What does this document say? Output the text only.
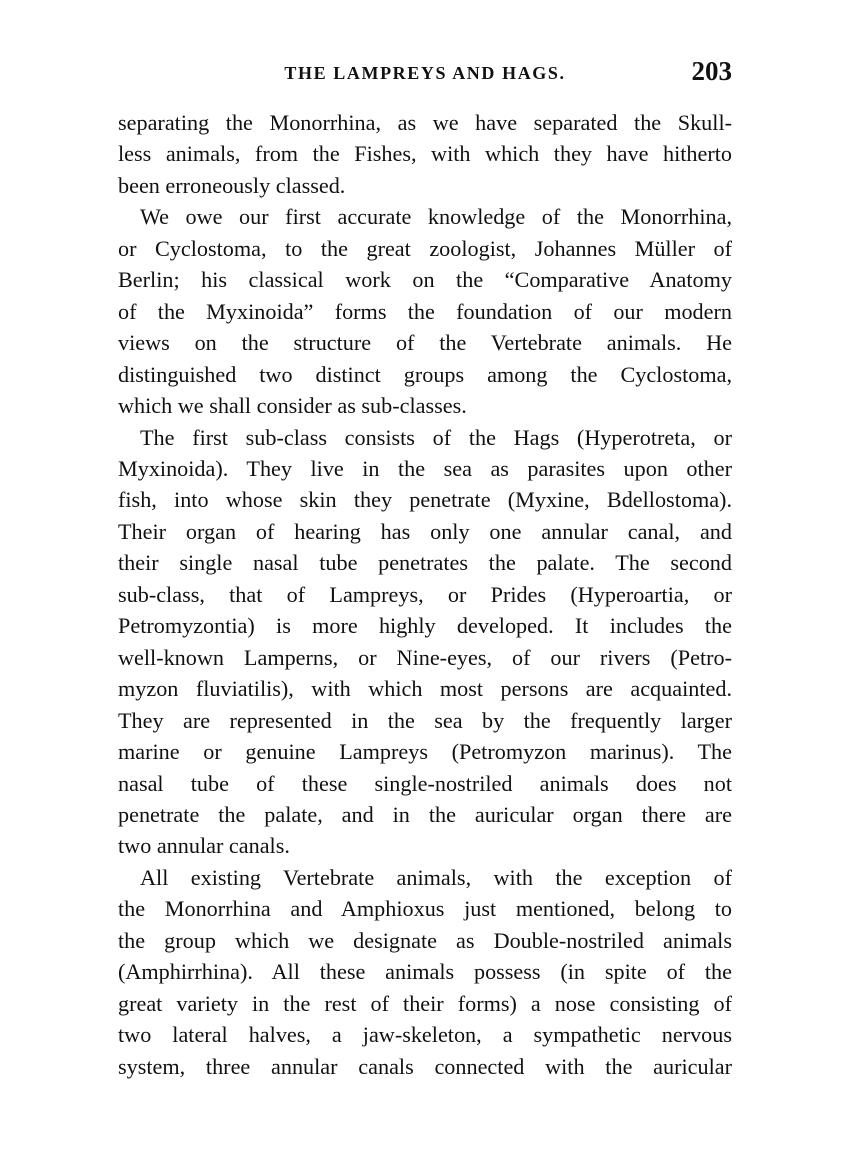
THE LAMPREYS AND HAGS.	203
separating the Monorrhina, as we have separated the Skull-
less animals, from the Fishes, with which they have hitherto
been erroneously classed.
We owe our first accurate knowledge of the Monorrhina,
or Cyclostoma, to the great zoologist, Johannes Müller of
Berlin; his classical work on the “Comparative Anatomy
of the Myxinoida” forms the foundation of our modern
views on the structure of the Vertebrate animals. He
distinguished two distinct groups among the Cyclostoma,
which we shall consider as sub-classes.
The first sub-class consists of the Hags (Hyperotreta, or
Myxinoida). They live in the sea as parasites upon other
fish, into whose skin they penetrate (Myxine, Bdellostoma).
Their organ of hearing has only one annular canal, and
their single nasal tube penetrates the palate. The second
sub-class, that of Lampreys, or Prides (Hyperoartia, or
Petromyzontia) is more highly developed. It includes the
well-known Lamperns, or Nine-eyes, of our rivers (Petro-
myzon fluviatilis), with which most persons are acquainted.
They are represented in the sea by the frequently larger
marine or genuine Lampreys (Petromyzon marinus). The
nasal tube of these single-nostriled animals does not
penetrate the palate, and in the auricular organ there are
two annular canals.
All existing Vertebrate animals, with the exception of
the Monorrhina and Amphioxus just mentioned, belong to
the group which we designate as Double-nostriled animals
(Amphirrhina). All these animals possess (in spite of the
great variety in the rest of their forms) a nose consisting of
two lateral halves, a jaw-skeleton, a sympathetic nervous
system, three annular canals connected with the auricular
